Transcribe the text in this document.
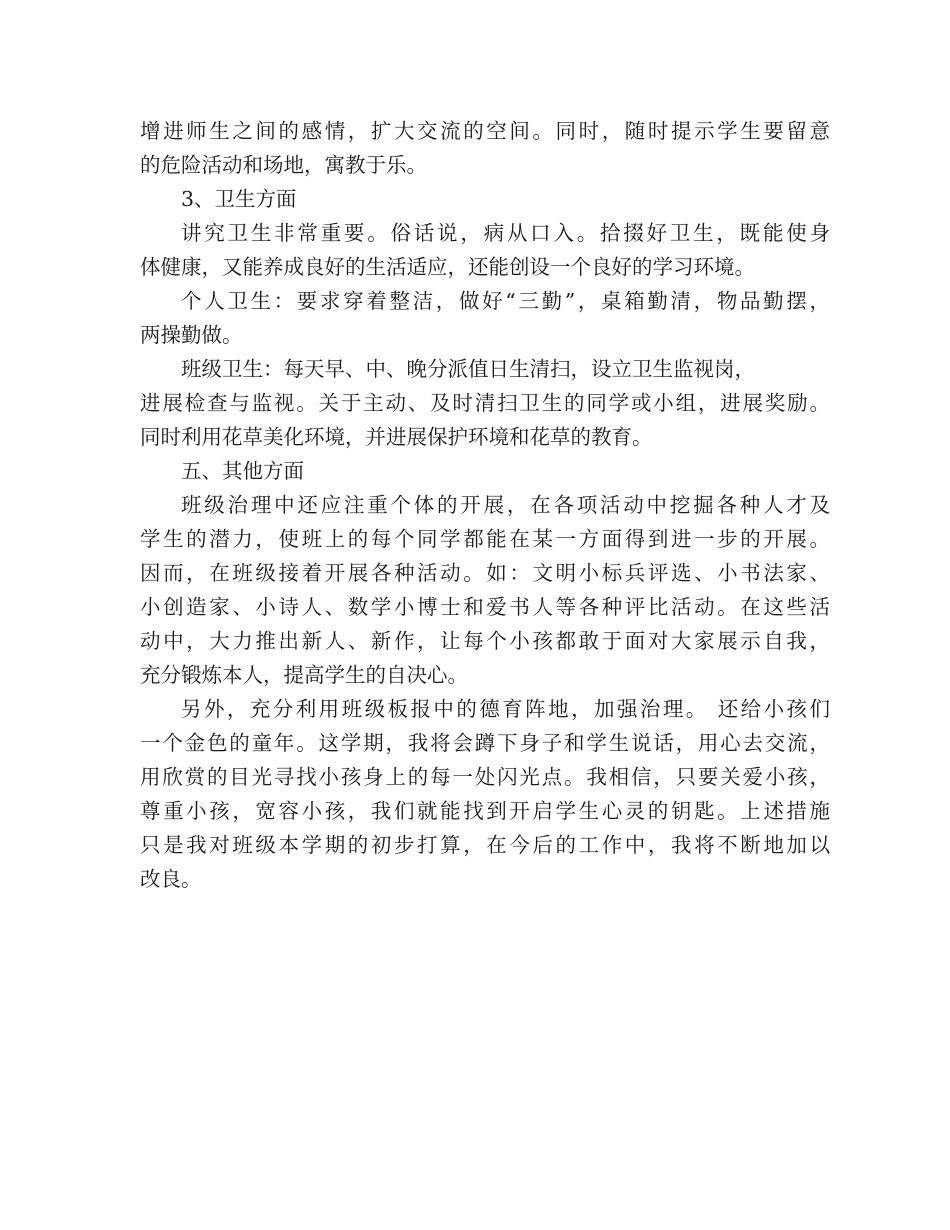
增进师生之间的感情，扩大交流的空间。同时，随时提示学生要留意
的危险活动和场地，寓教于乐。
3、卫生方面
讲究卫生非常重要。俗话说，病从口入。拾掇好卫生，既能使身
体健康，又能养成良好的生活适应，还能创设一个良好的学习环境。
个人卫生：要求穿着整洁，做好“三勤”，桌箱勤清，物品勤摆，
两操勤做。
班级卫生：每天早、中、晚分派值日生清扫，设立卫生监视岗，
进展检查与监视。关于主动、及时清扫卫生的同学或小组，进展奖励。
同时利用花草美化环境，并进展保护环境和花草的教育。
五、其他方面
班级治理中还应注重个体的开展，在各项活动中挖掘各种人才及
学生的潜力，使班上的每个同学都能在某一方面得到进一步的开展。
因而，在班级接着开展各种活动。如：文明小标兵评选、小书法家、
小创造家、小诗人、数学小博士和爱书人等各种评比活动。在这些活
动中，大力推出新人、新作，让每个小孩都敢于面对大家展示自我，
充分锻炼本人，提高学生的自决心。
另外，充分利用班级板报中的德育阵地，加强治理。 还给小孩们
一个金色的童年。这学期，我将会蹲下身子和学生说话，用心去交流，
用欣赏的目光寻找小孩身上的每一处闪光点。我相信，只要关爱小孩，
尊重小孩，宽容小孩，我们就能找到开启学生心灵的钥匙。上述措施
只是我对班级本学期的初步打算，在今后的工作中，我将不断地加以
改良。
